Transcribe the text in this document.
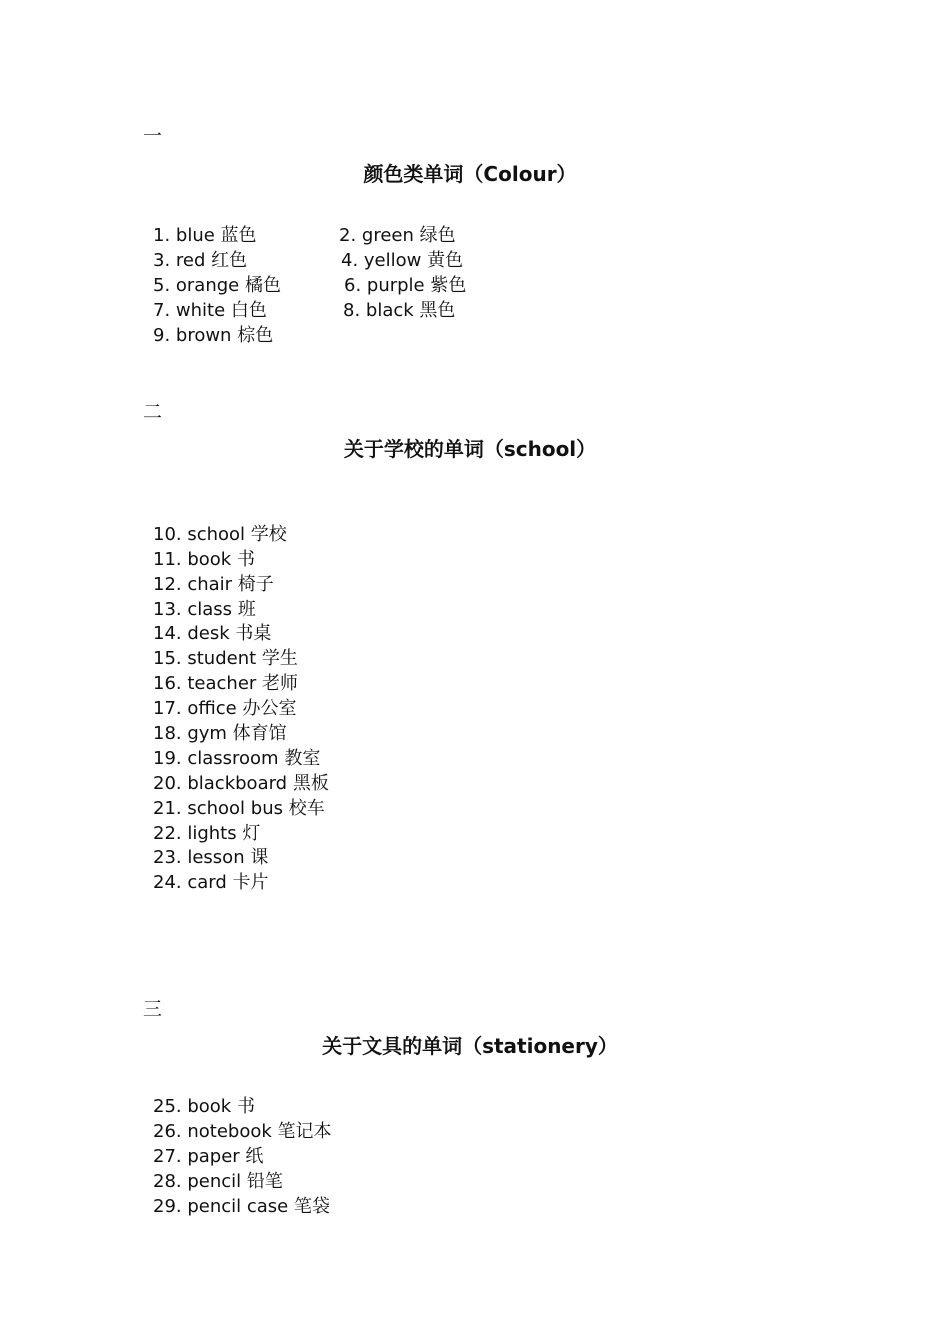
一
颜色类单词（Colour）
1. blue 蓝色	2. green 绿色
3. red 红色	4. yellow 黄色
5. orange 橘色	6. purple 紫色
7. white 白色	8. black 黑色
9. brown 棕色
二
关于学校的单词（school）
10. school 学校
11. book 书
12. chair 椅子
13. class 班
14. desk 书桌
15. student 学生
16. teacher 老师
17. office 办公室
18. gym 体育馆
19. classroom 教室
20. blackboard 黑板
21. school bus 校车
22. lights 灯
23. lesson 课
24. card 卡片
三
关于文具的单词（stationery）
25. book 书
26. notebook 笔记本
27. paper 纸
28. pencil 铅笔
29. pencil case 笔袋
